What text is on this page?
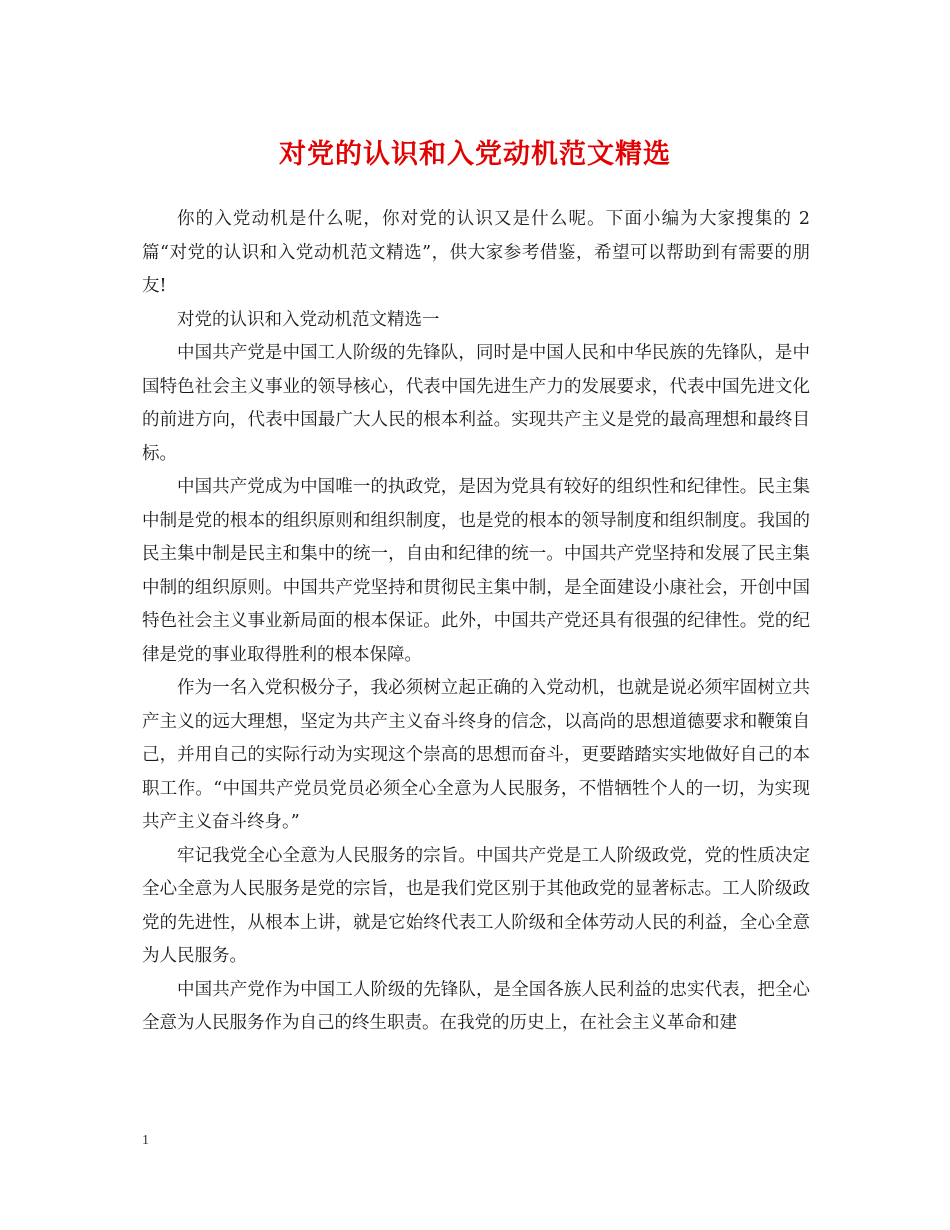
对党的认识和入党动机范文精选

你的入党动机是什么呢，你对党的认识又是什么呢。下面小编为大家搜集的 2 篇“对党的认识和入党动机范文精选”，供大家参考借鉴，希望可以帮助到有需要的朋友!

对党的认识和入党动机范文精选一

中国共产党是中国工人阶级的先锋队，同时是中国人民和中华民族的先锋队，是中国特色社会主义事业的领导核心，代表中国先进生产力的发展要求，代表中国先进文化的前进方向，代表中国最广大人民的根本利益。实现共产主义是党的最高理想和最终目标。

中国共产党成为中国唯一的执政党，是因为党具有较好的组织性和纪律性。民主集中制是党的根本的组织原则和组织制度，也是党的根本的领导制度和组织制度。我国的民主集中制是民主和集中的统一，自由和纪律的统一。中国共产党坚持和发展了民主集中制的组织原则。中国共产党坚持和贯彻民主集中制，是全面建设小康社会，开创中国特色社会主义事业新局面的根本保证。此外，中国共产党还具有很强的纪律性。党的纪律是党的事业取得胜利的根本保障。

作为一名入党积极分子，我必须树立起正确的入党动机，也就是说必须牢固树立共产主义的远大理想，坚定为共产主义奋斗终身的信念，以高尚的思想道德要求和鞭策自己，并用自己的实际行动为实现这个崇高的思想而奋斗，更要踏踏实实地做好自己的本职工作。“中国共产党员党员必须全心全意为人民服务，不惜牺牲个人的一切，为实现共产主义奋斗终身。”

牢记我党全心全意为人民服务的宗旨。中国共产党是工人阶级政党，党的性质决定全心全意为人民服务是党的宗旨，也是我们党区别于其他政党的显著标志。工人阶级政党的先进性，从根本上讲，就是它始终代表工人阶级和全体劳动人民的利益，全心全意为人民服务。

中国共产党作为中国工人阶级的先锋队，是全国各族人民利益的忠实代表，把全心全意为人民服务作为自己的终生职责。在我党的历史上，在社会主义革命和建

1
